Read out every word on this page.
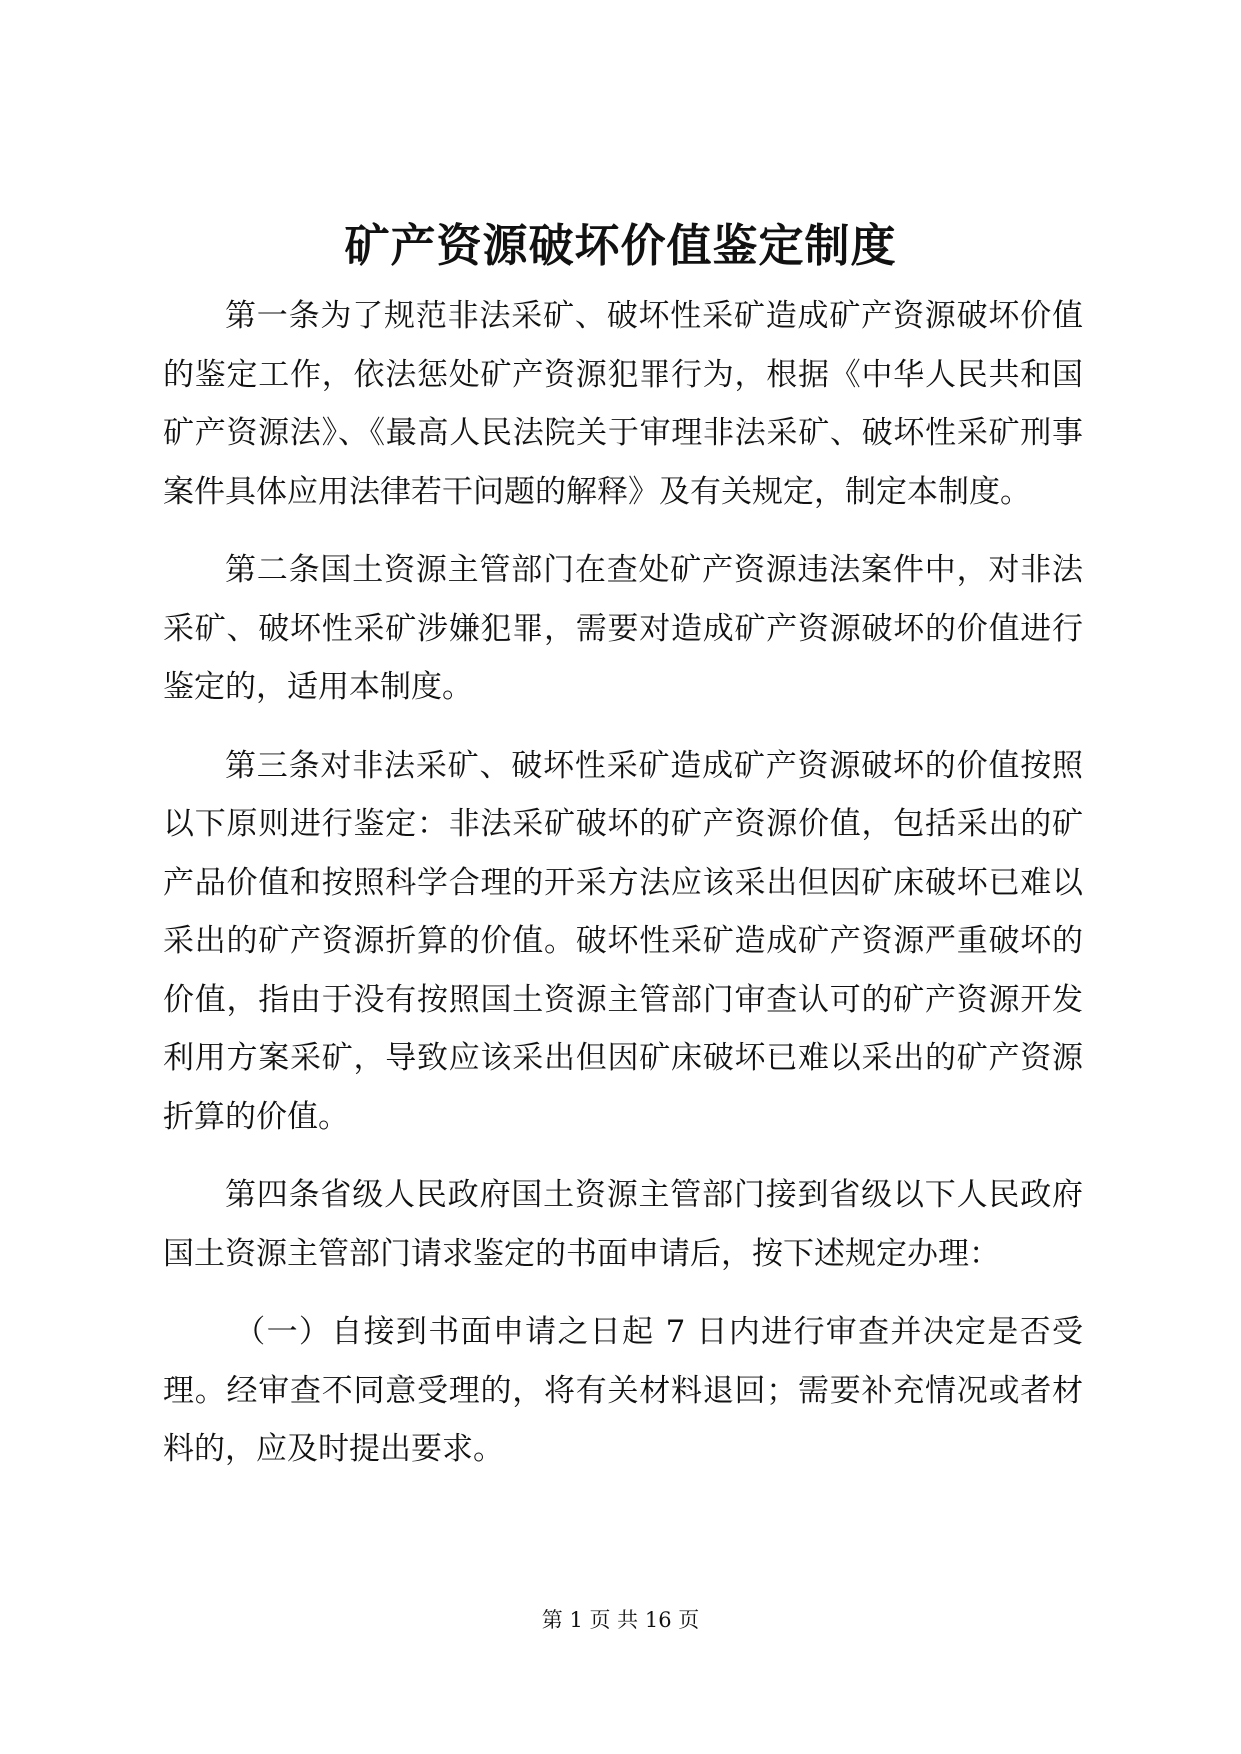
矿产资源破坏价值鉴定制度

第一条为了规范非法采矿、破坏性采矿造成矿产资源破坏价值的鉴定工作，依法惩处矿产资源犯罪行为，根据《中华人民共和国矿产资源法》、《最高人民法院关于审理非法采矿、破坏性采矿刑事案件具体应用法律若干问题的解释》及有关规定，制定本制度。

第二条国土资源主管部门在查处矿产资源违法案件中，对非法采矿、破坏性采矿涉嫌犯罪，需要对造成矿产资源破坏的价值进行鉴定的，适用本制度。

第三条对非法采矿、破坏性采矿造成矿产资源破坏的价值按照以下原则进行鉴定：非法采矿破坏的矿产资源价值，包括采出的矿产品价值和按照科学合理的开采方法应该采出但因矿床破坏已难以采出的矿产资源折算的价值。破坏性采矿造成矿产资源严重破坏的价值，指由于没有按照国土资源主管部门审查认可的矿产资源开发利用方案采矿，导致应该采出但因矿床破坏已难以采出的矿产资源折算的价值。

第四条省级人民政府国土资源主管部门接到省级以下人民政府国土资源主管部门请求鉴定的书面申请后，按下述规定办理：

（一）自接到书面申请之日起 7 日内进行审查并决定是否受理。经审查不同意受理的，将有关材料退回；需要补充情况或者材料的，应及时提出要求。

第 1 页 共 16 页
